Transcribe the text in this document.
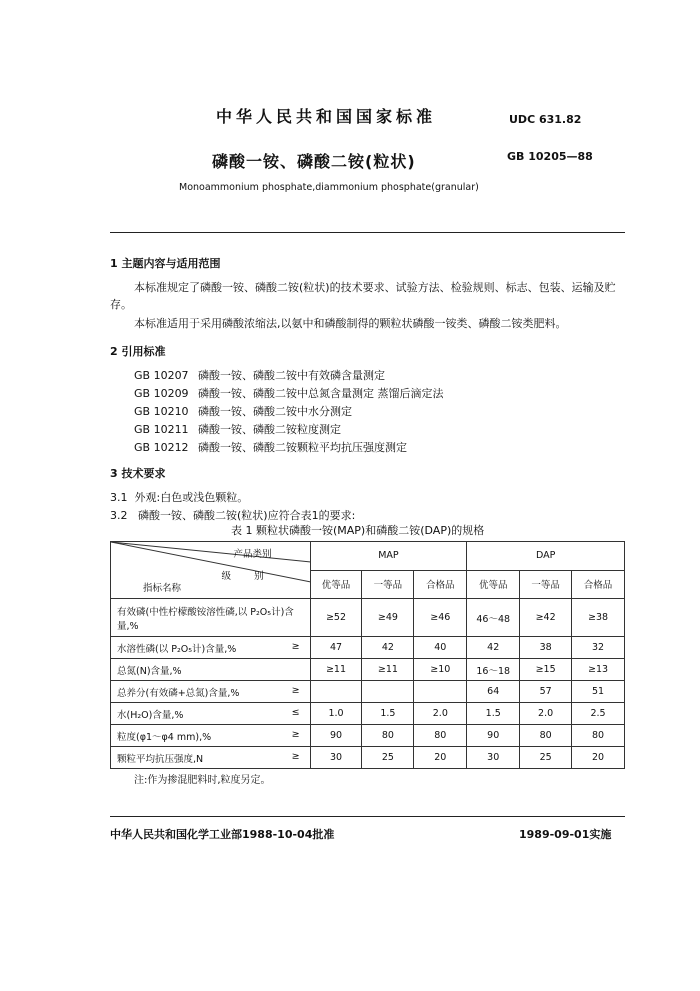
中华人民共和国国家标准	UDC 631.82
磷酸一铵、磷酸二铵(粒状)	GB 10205—88
Monoammonium phosphate,diammonium phosphate(granular)
1 主题内容与适用范围
本标准规定了磷酸一铵、磷酸二铵(粒状)的技术要求、试验方法、检验规则、标志、包装、运输及贮
存。
本标准适用于采用磷酸浓缩法,以氨中和磷酸制得的颗粒状磷酸一铵类、磷酸二铵类肥料。
2 引用标准
GB 10207 磷酸一铵、磷酸二铵中有效磷含量测定
GB 10209 磷酸一铵、磷酸二铵中总氮含量测定 蒸馏后滴定法
GB 10210 磷酸一铵、磷酸二铵中水分测定
GB 10211 磷酸一铵、磷酸二铵粒度测定
GB 10212 磷酸一铵、磷酸二铵颗粒平均抗压强度测定
3 技术要求
3.1 外观:白色或浅色颗粒。
3.2 磷酸一铵、磷酸二铵(粒状)应符合表1的要求:
表 1 颗粒状磷酸一铵(MAP)和磷酸二铵(DAP)的规格
产品类别
级 别
指标名称	MAP			DAP		
	优等品	一等品	合格品	优等品	一等品	合格品
有效磷(中性柠檬酸铵溶性磷,以 P₂O₅计)含
量,%	≥52	≥49	≥46	46～48	≥42	≥38
水溶性磷(以 P₂O₅计)含量,% ≥	47	42	40	42	38	32
总氮(N)含量,%	≥11	≥11	≥10	16～18	≥15	≥13
总养分(有效磷+总氮)含量,% ≥				64	57	51
水(H₂O)含量,% ≤	1.0	1.5	2.0	1.5	2.0	2.5
粒度(φ1～φ4 mm),% ≥	90	80	80	90	80	80
颗粒平均抗压强度,N ≥	30	25	20	30	25	20
注:作为掺混肥料时,粒度另定。
中华人民共和国化学工业部1988-10-04批准	1989-09-01实施
